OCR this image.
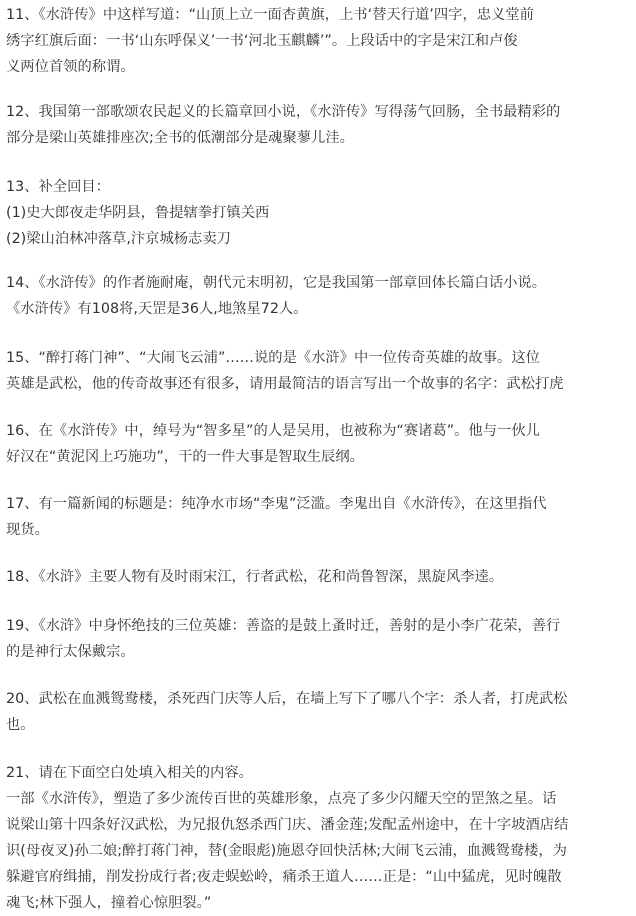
11、《水浒传》中这样写道：“山顶上立一面杏黄旗，上书‘替天行道’四字，忠义堂前
绣字红旗后面：一书‘山东呼保义’一书‘河北玉麒麟’”。上段话中的字是宋江和卢俊
义两位首领的称谓。
12、我国第一部歌颂农民起义的长篇章回小说，《水浒传》写得荡气回肠，全书最精彩的
部分是梁山英雄排座次;全书的低潮部分是魂聚蓼儿洼。
13、补全回目：
(1)史大郎夜走华阴县，鲁提辖拳打镇关西
(2)梁山泊林冲落草,汴京城杨志卖刀
14、《水浒传》的作者施耐庵，朝代元末明初，它是我国第一部章回体长篇白话小说。
《水浒传》有108将,天罡是36人,地煞星72人。
15、“醉打蒋门神”、“大闹飞云浦”……说的是《水浒》中一位传奇英雄的故事。这位
英雄是武松，他的传奇故事还有很多，请用最简洁的语言写出一个故事的名字：武松打虎
16、在《水浒传》中，绰号为“智多星”的人是吴用，也被称为“赛诸葛”。他与一伙儿
好汉在“黄泥冈上巧施功”，干的一件大事是智取生辰纲。
17、有一篇新闻的标题是：纯净水市场“李鬼”泛滥。李鬼出自《水浒传》，在这里指代
现货。
18、《水浒》主要人物有及时雨宋江，行者武松，花和尚鲁智深，黑旋风李逵。
19、《水浒》中身怀绝技的三位英雄：善盗的是鼓上蚤时迁，善射的是小李广花荣，善行
的是神行太保戴宗。
20、武松在血溅鸳鸯楼，杀死西门庆等人后，在墙上写下了哪八个字：杀人者，打虎武松
也。
21、请在下面空白处填入相关的内容。
一部《水浒传》，塑造了多少流传百世的英雄形象，点亮了多少闪耀天空的罡煞之星。话
说梁山第十四条好汉武松，为兄报仇怒杀西门庆、潘金莲;发配孟州途中，在十字坡酒店结
识(母夜叉)孙二娘;醉打蒋门神，替(金眼彪)施恩夺回快活林;大闹飞云浦，血溅鸳鸯楼，为
躲避官府缉捕，削发扮成行者;夜走蜈蚣岭，痛杀王道人……正是：“山中猛虎，见时魄散
魂飞;林下强人，撞着心惊胆裂。”
